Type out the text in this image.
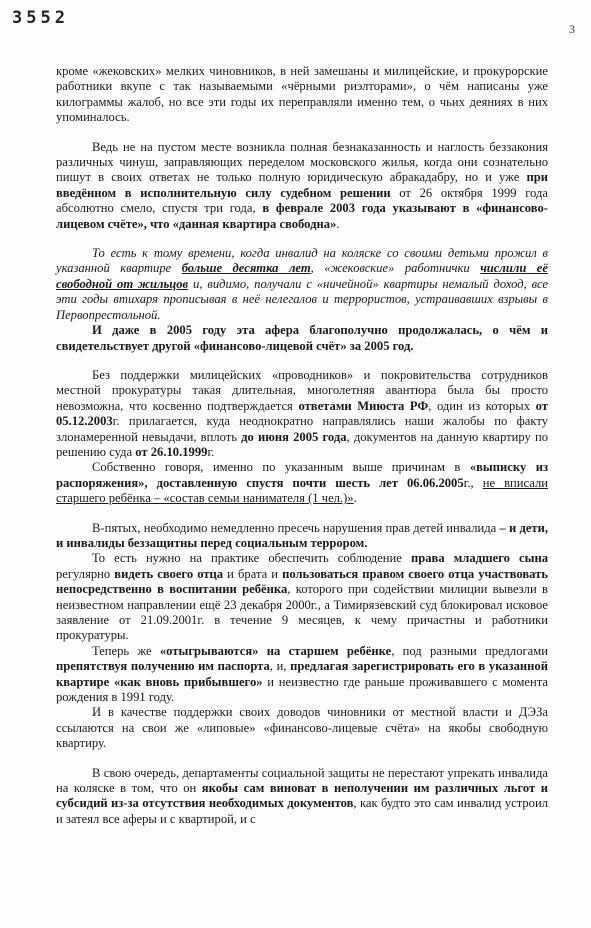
3552
3

кроме «жековских» мелких чиновников, в ней замешаны и милицейские, и прокурорские работники вкупе с так называемыми «чёрными риэлторами», о чём написаны уже килограммы жалоб, но все эти годы их переправляли именно тем, о чьих деяниях в них упоминалось.

Ведь не на пустом месте возникла полная безнаказанность и наглость беззакония различных чинуш, заправляющих переделом московского жилья, когда они сознательно пишут в своих ответах не только полную юридическую абракадабру, но и уже при введённом в исполнительную силу судебном решении от 26 октября 1999 года абсолютно смело, спустя три года, в феврале 2003 года указывают в «финансово-лицевом счёте», что «данная квартира свободна».

То есть к тому времени, когда инвалид на коляске со своими детьми прожил в указанной квартире больше десятка лет, «жековские» работнички числили её свободной от жильцов и, видимо, получали с «ничейной» квартиры немалый доход, все эти годы втихаря прописывая в неё нелегалов и террористов, устраивавших взрывы в Первопрестольной.

И даже в 2005 году эта афера благополучно продолжалась, о чём и свидетельствует другой «финансово-лицевой счёт» за 2005 год.

Без поддержки милицейских «проводников» и покровительства сотрудников местной прокуратуры такая длительная, многолетняя авантюра была бы просто невозможна, что косвенно подтверждается ответами Миюста РФ, один из которых от 05.12.2003г. прилагается, куда неоднократно направлялись наши жалобы по факту злонамеренной невыдачи, вплоть до июня 2005 года, документов на данную квартиру по решению суда от 26.10.1999г.

Собственно говоря, именно по указанным выше причинам в «выписку из распоряжения», доставленную спустя почти шесть лет 06.06.2005г., не вписали старшего ребёнка – «состав семьи нанимателя (1 чел.)».

В-пятых, необходимо немедленно пресечь нарушения прав детей инвалида – и дети, и инвалиды беззащитны перед социальным террором.

То есть нужно на практике обеспечить соблюдение права младшего сына регулярно видеть своего отца и брата и пользоваться правом своего отца участвовать непосредственно в воспитании ребёнка, которого при содействии милиции вывезли в неизвестном направлении ещё 23 декабря 2000г., а Тимирязевский суд блокировал исковое заявление от 21.09.2001г. в течение 9 месяцев, к чему причастны и работники прокуратуры.

Теперь же «отыгрываются» на старшем ребёнке, под разными предлогами препятствуя получению им паспорта, и, предлагая зарегистрировать его в указанной квартире «как вновь прибывшего» и неизвестно где раньше проживавшего с момента рождения в 1991 году.

И в качестве поддержки своих доводов чиновники от местной власти и ДЭЗа ссылаются на свои же «липовые» «финансово-лицевые счёта» на якобы свободную квартиру.

В свою очередь, департаменты социальной защиты не перестают упрекать инвалида на коляске в том, что он якобы сам виноват в неполучении им различных льгот и субсидий из-за отсутствия необходимых документов, как будто это сам инвалид устроил и затеял все аферы и с квартирой, и с
